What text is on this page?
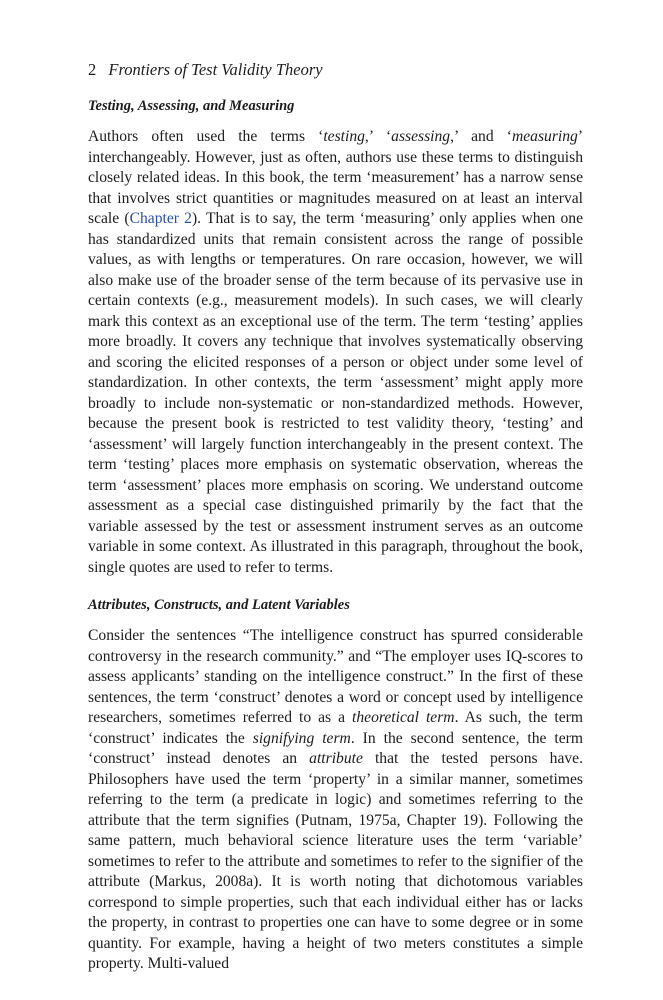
2 Frontiers of Test Validity Theory
Testing, Assessing, and Measuring

Authors often used the terms ‘testing,’ ‘assessing,’ and ‘measuring’ interchangeably. However, just as often, authors use these terms to distinguish closely related ideas. In this book, the term ‘measurement’ has a narrow sense that involves strict quantities or magnitudes measured on at least an interval scale (Chapter 2). That is to say, the term ‘measuring’ only applies when one has standardized units that remain consistent across the range of possible values, as with lengths or temperatures. On rare occasion, however, we will also make use of the broader sense of the term because of its pervasive use in certain contexts (e.g., measurement models). In such cases, we will clearly mark this context as an exceptional use of the term. The term ‘testing’ applies more broadly. It covers any technique that involves systematically observing and scoring the elicited responses of a person or object under some level of standardization. In other contexts, the term ‘assessment’ might apply more broadly to include non-systematic or non-standardized methods. However, because the present book is restricted to test validity theory, ‘testing’ and ‘assessment’ will largely function interchangeably in the present context. The term ‘testing’ places more emphasis on systematic observation, whereas the term ‘assessment’ places more emphasis on scoring. We understand outcome assessment as a special case distinguished primarily by the fact that the variable assessed by the test or assessment instrument serves as an outcome variable in some context. As illustrated in this paragraph, throughout the book, single quotes are used to refer to terms.

Attributes, Constructs, and Latent Variables

Consider the sentences “The intelligence construct has spurred considerable controversy in the research community.” and “The employer uses IQ-scores to assess applicants’ standing on the intelligence construct.” In the first of these sentences, the term ‘construct’ denotes a word or concept used by intelligence researchers, sometimes referred to as a theoretical term. As such, the term ‘construct’ indicates the signifying term. In the second sentence, the term ‘construct’ instead denotes an attribute that the tested persons have. Philosophers have used the term ‘property’ in a similar manner, sometimes referring to the term (a predicate in logic) and sometimes referring to the attribute that the term signifies (Putnam, 1975a, Chapter 19). Following the same pattern, much behavioral science literature uses the term ‘variable’ sometimes to refer to the attribute and sometimes to refer to the signifier of the attribute (Markus, 2008a). It is worth noting that dichotomous variables correspond to simple properties, such that each individual either has or lacks the property, in contrast to properties one can have to some degree or in some quantity. For example, having a height of two meters constitutes a simple property. Multi-valued
